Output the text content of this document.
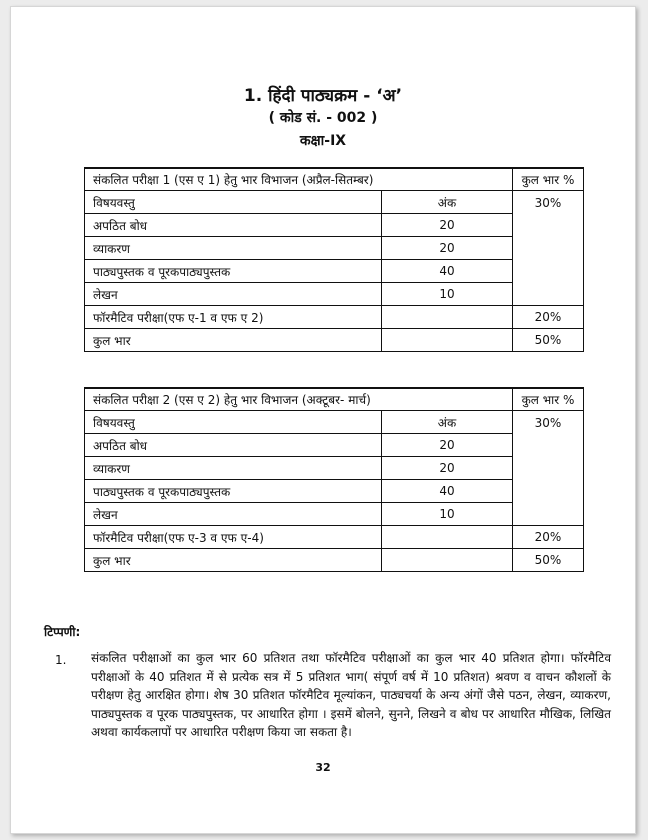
1. हिंदी पाठ्यक्रम - ‘अ’
( कोड सं. - 002 )
कक्षा-IX
संकलित परीक्षा 1 (एस ए 1) हेतु भार विभाजन (अप्रैल-सितम्बर)		कुल भार %
विषयवस्तु	अंक	30%
अपठित बोध	20	
व्याकरण	20	
पाठ्यपुस्तक व पूरकपाठ्यपुस्तक	40	
लेखन	10	
फॉरमैटिव परीक्षा(एफ ए-1 व एफ ए 2)		20%
कुल भार		50%
संकलित परीक्षा 2 (एस ए 2) हेतु भार विभाजन (अक्टूबर- मार्च)		कुल भार %
विषयवस्तु	अंक	30%
अपठित बोध	20	
व्याकरण	20	
पाठ्यपुस्तक व पूरकपाठ्यपुस्तक	40	
लेखन	10	
फॉरमैटिव परीक्षा(एफ ए-3 व एफ ए-4)		20%
कुल भार		50%
टिप्पणी:
1. संकलित परीक्षाओं का कुल भार 60 प्रतिशत तथा फॉरमैटिव परीक्षाओं का कुल भार 40 प्रतिशत होगा। फॉरमैटिव परीक्षाओं के 40 प्रतिशत में से प्रत्येक सत्र में 5 प्रतिशत भाग( संपूर्ण वर्ष में 10 प्रतिशत) श्रवण व वाचन कौशलों के परीक्षण हेतु आरक्षित होगा। शेष 30 प्रतिशत फॉरमैटिव मूल्यांकन, पाठ्यचर्या के अन्य अंगों जैसे पठन, लेखन, व्याकरण, पाठ्यपुस्तक व पूरक पाठ्यपुस्तक, पर आधारित होगा । इसमें बोलने, सुनने, लिखने व बोध पर आधारित मौखिक, लिखित अथवा कार्यकलापों पर आधारित परीक्षण किया जा सकता है।
32
